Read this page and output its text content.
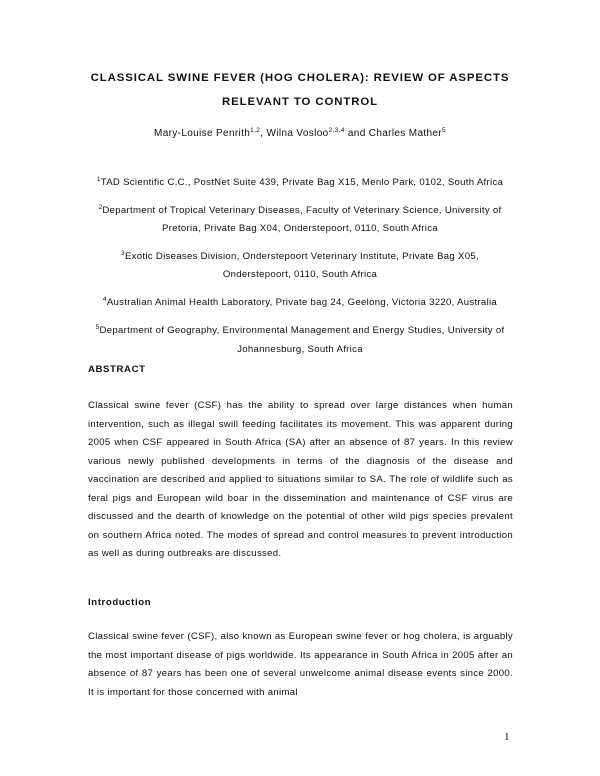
CLASSICAL SWINE FEVER (HOG CHOLERA): REVIEW OF ASPECTS RELEVANT TO CONTROL
Mary-Louise Penrith$^{1,2}$, Wilna Vosloo$^{2,3,4}$ and Charles Mather$^5$

$^1$TAD Scientific C.C., PostNet Suite 439, Private Bag X15, Menlo Park, 0102, South Africa

$^2$Department of Tropical Veterinary Diseases, Faculty of Veterinary Science, University of Pretoria, Private Bag X04, Onderstepoort, 0110, South Africa

$^3$Exotic Diseases Division, Onderstepoort Veterinary Institute, Private Bag X05, Onderstepoort, 0110, South Africa

$^4$Australian Animal Health Laboratory, Private bag 24, Geelong, Victoria 3220, Australia

$^5$Department of Geography, Environmental Management and Energy Studies, University of Johannesburg, South Africa

ABSTRACT

Classical swine fever (CSF) has the ability to spread over large distances when human intervention, such as illegal swill feeding facilitates its movement. This was apparent during 2005 when CSF appeared in South Africa (SA) after an absence of 87 years. In this review various newly published developments in terms of the diagnosis of the disease and vaccination are described and applied to situations similar to SA. The role of wildlife such as feral pigs and European wild boar in the dissemination and maintenance of CSF virus are discussed and the dearth of knowledge on the potential of other wild pigs species prevalent on southern Africa noted. The modes of spread and control measures to prevent introduction as well as during outbreaks are discussed.

Introduction

Classical swine fever (CSF), also known as European swine fever or hog cholera, is arguably the most important disease of pigs worldwide. Its appearance in South Africa in 2005 after an absence of 87 years has been one of several unwelcome animal disease events since 2000. It is important for those concerned with animal

1
